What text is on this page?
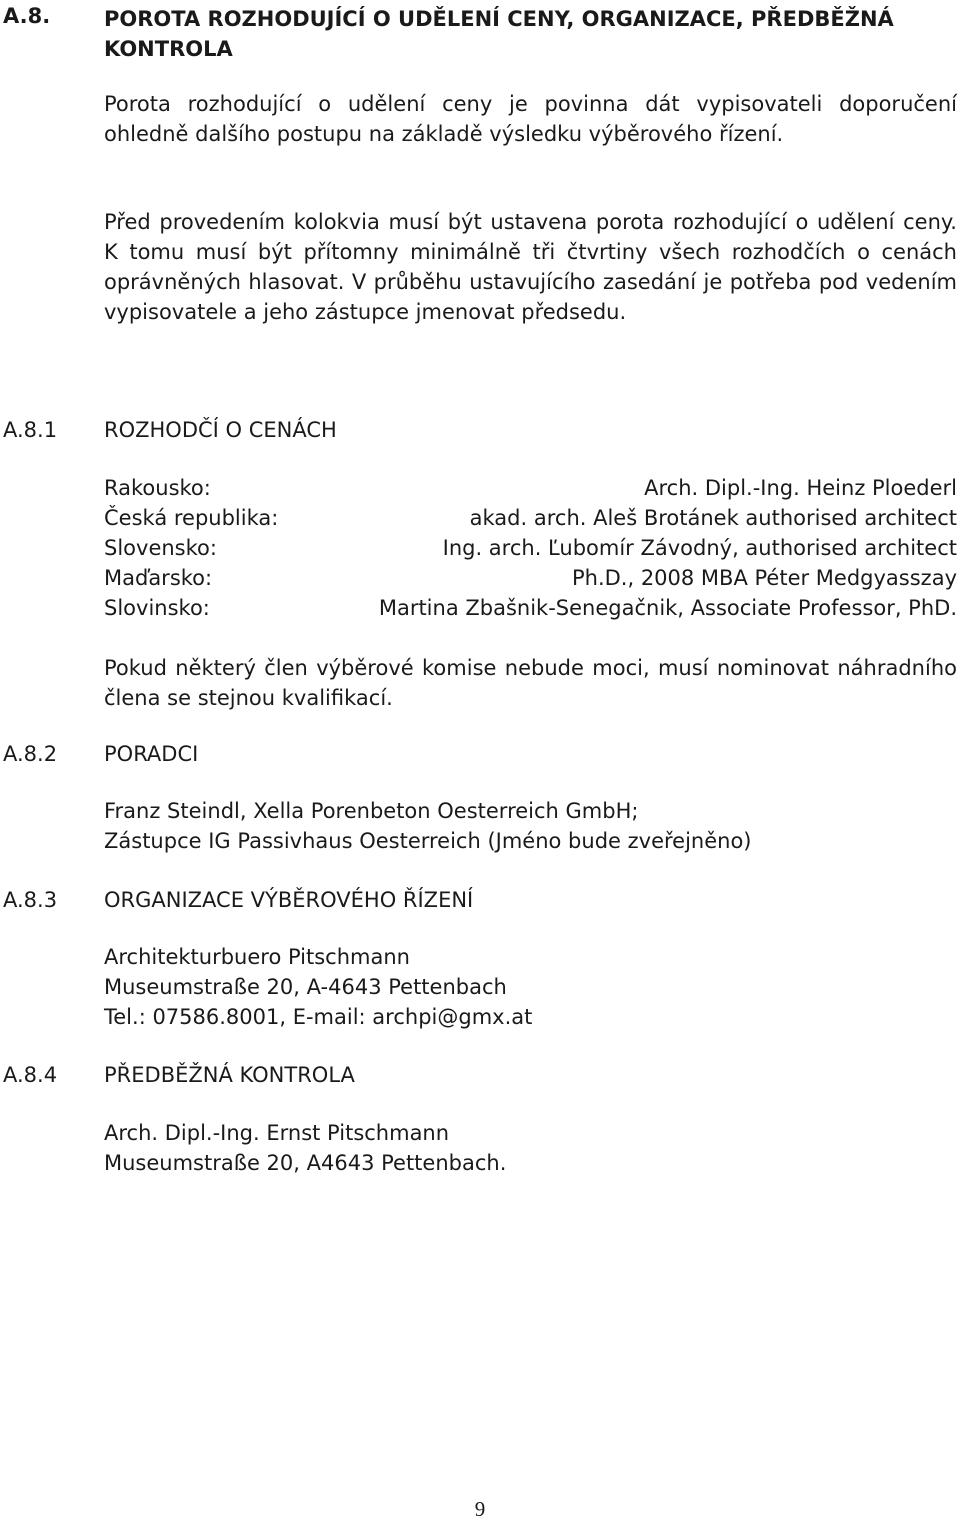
A.8.	POROTA ROZHODUJÍCÍ O UDĚLENÍ CENY, ORGANIZACE, PŘEDBĚŽNÁ KONTROLA
Porota rozhodující o udělení ceny je povinna dát vypisovateli doporučení ohledně dalšího postupu na základě výsledku výběrového řízení.
Před provedením kolokvia musí být ustavena porota rozhodující o udělení ceny. K tomu musí být přítomny minimálně tři čtvrtiny všech rozhodčích o cenách oprávněných hlasovat. V průběhu ustavujícího zasedání je potřeba pod vedením vypisovatele a jeho zástupce jmenovat předsedu.
A.8.1 ROZHODČÍ O CENÁCH
Rakousko:	Arch. Dipl.-Ing. Heinz Ploederl
Česká republika:	akad. arch. Aleš Brotánek authorised architect
Slovensko:	Ing. arch. Ľubomír Závodný, authorised architect
Maďarsko:	Ph.D., 2008 MBA Péter Medgyasszay
Slovinsko:	Martina Zbašnik-Senegačnik, Associate Professor, PhD.
Pokud některý člen výběrové komise nebude moci, musí nominovat náhradního člena se stejnou kvalifikací.
A.8.2 PORADCI
Franz Steindl, Xella Porenbeton Oesterreich GmbH;
Zástupce IG Passivhaus Oesterreich (Jméno bude zveřejněno)
A.8.3 ORGANIZACE VÝBĚROVÉHO ŘÍZENÍ
Architekturbuero Pitschmann
Museumstraße 20, A-4643 Pettenbach
Tel.: 07586.8001, E-mail: archpi@gmx.at
A.8.4 PŘEDBĚŽNÁ KONTROLA
Arch. Dipl.-Ing. Ernst Pitschmann
Museumstraße 20, A4643 Pettenbach.
9
